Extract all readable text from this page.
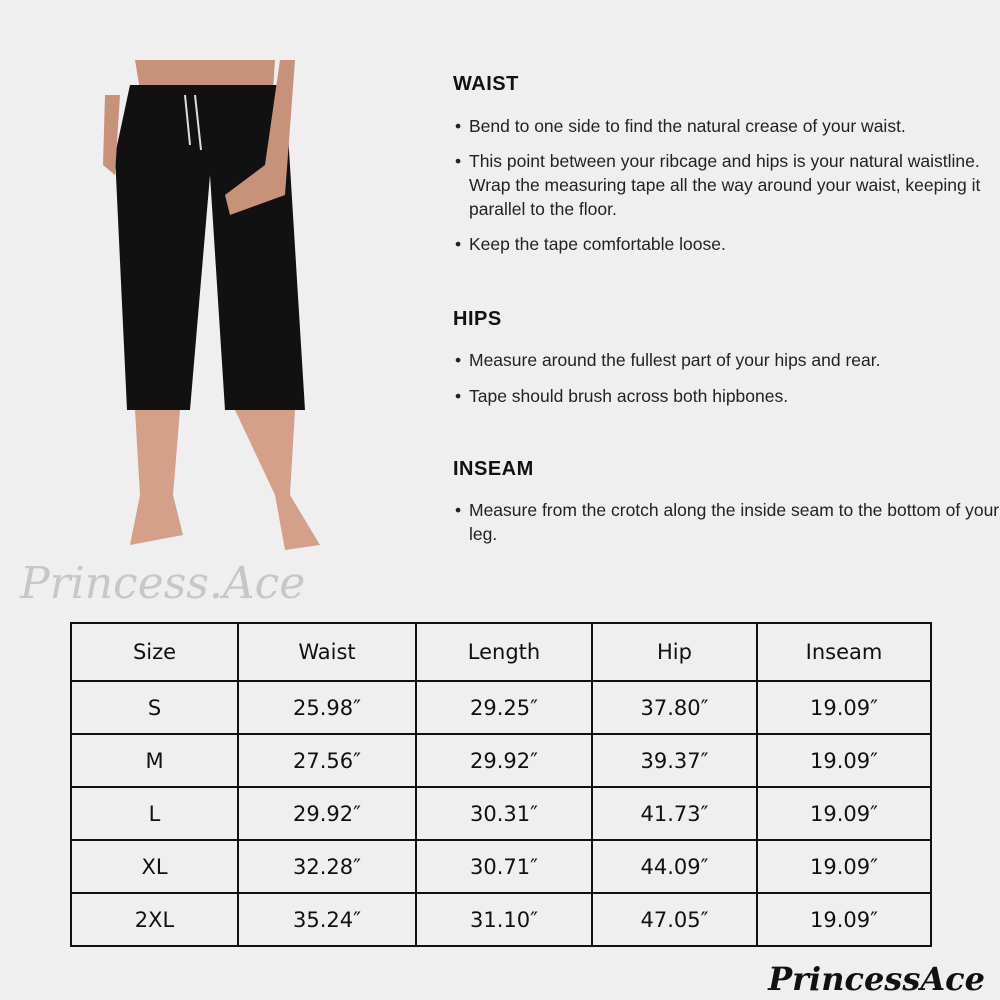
WAIST
• Bend to one side to find the natural crease of your waist.
• This point between your ribcage and hips is your natural waistline. Wrap the measuring tape all the way around your waist, keeping it parallel to the floor.
• Keep the tape comfortable loose.
HIPS
• Measure around the fullest part of your hips and rear.
• Tape should brush across both hipbones.
INSEAM
• Measure from the crotch along the inside seam to the bottom of your leg.
Princess.Ace
Size	Waist	Length	Hip	Inseam
S	25.98″	29.25″	37.80″	19.09″
M	27.56″	29.92″	39.37″	19.09″
L	29.92″	30.31″	41.73″	19.09″
XL	32.28″	30.71″	44.09″	19.09″
2XL	35.24″	31.10″	47.05″	19.09″
PrincessAce
